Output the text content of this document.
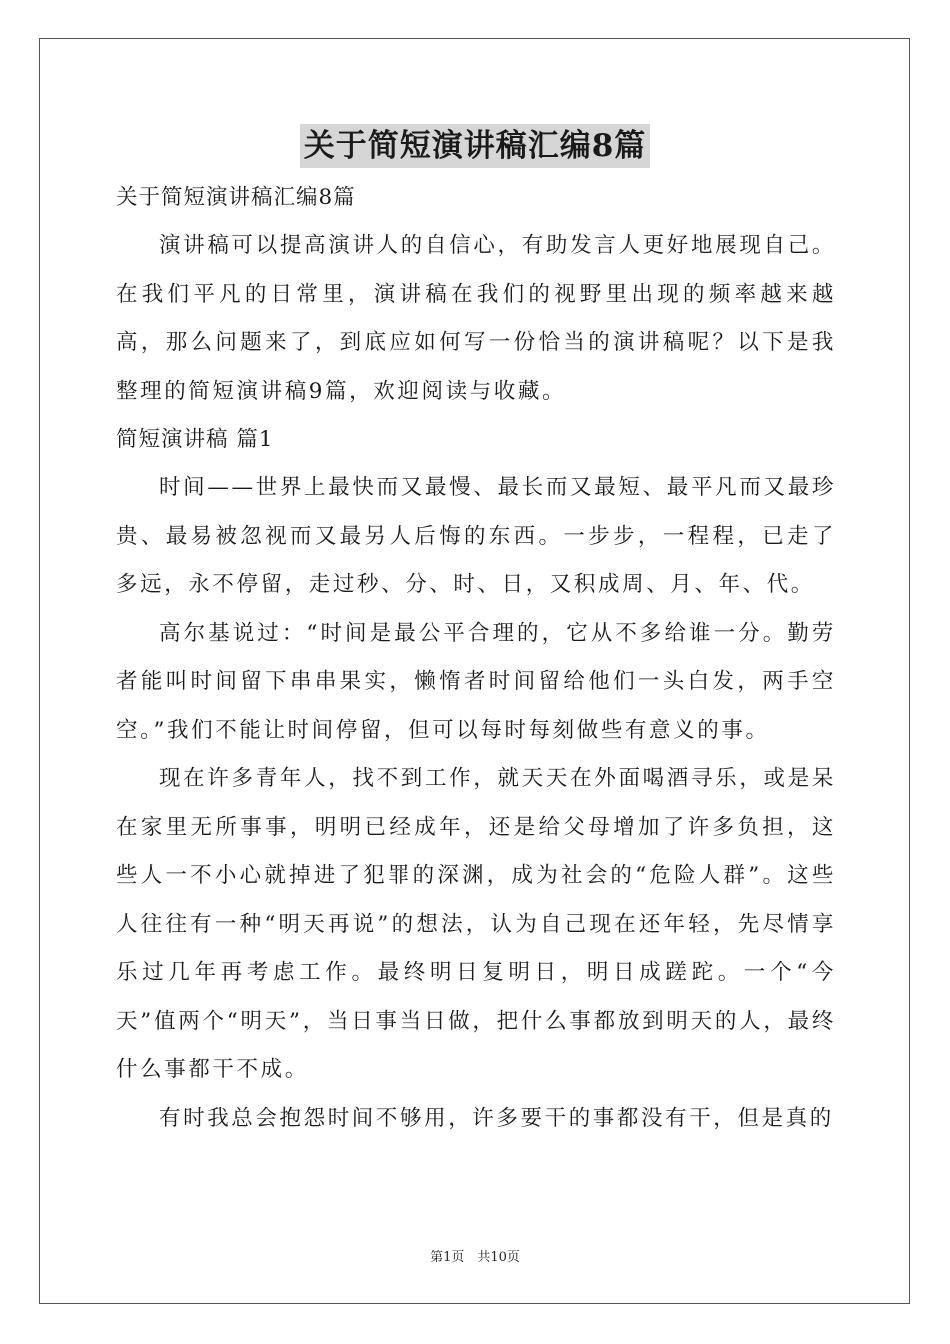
关于简短演讲稿汇编8篇

关于简短演讲稿汇编8篇

演讲稿可以提高演讲人的自信心，有助发言人更好地展现自己。在我们平凡的日常里，演讲稿在我们的视野里出现的频率越来越高，那么问题来了，到底应如何写一份恰当的演讲稿呢？以下是我整理的简短演讲稿9篇，欢迎阅读与收藏。

简短演讲稿 篇1

时间——世界上最快而又最慢、最长而又最短、最平凡而又最珍贵、最易被忽视而又最另人后悔的东西。一步步，一程程，已走了多远，永不停留，走过秒、分、时、日，又积成周、月、年、代。

高尔基说过：“时间是最公平合理的，它从不多给谁一分。勤劳者能叫时间留下串串果实，懒惰者时间留给他们一头白发，两手空空。”我们不能让时间停留，但可以每时每刻做些有意义的事。

现在许多青年人，找不到工作，就天天在外面喝酒寻乐，或是呆在家里无所事事，明明已经成年，还是给父母增加了许多负担，这些人一不小心就掉进了犯罪的深渊，成为社会的“危险人群”。这些人往往有一种“明天再说”的想法，认为自己现在还年轻，先尽情享乐过几年再考虑工作。最终明日复明日，明日成蹉跎。一个“今天”值两个“明天”，当日事当日做，把什么事都放到明天的人，最终什么事都干不成。

有时我总会抱怨时间不够用，许多要干的事都没有干，但是真的

第1页　共10页
